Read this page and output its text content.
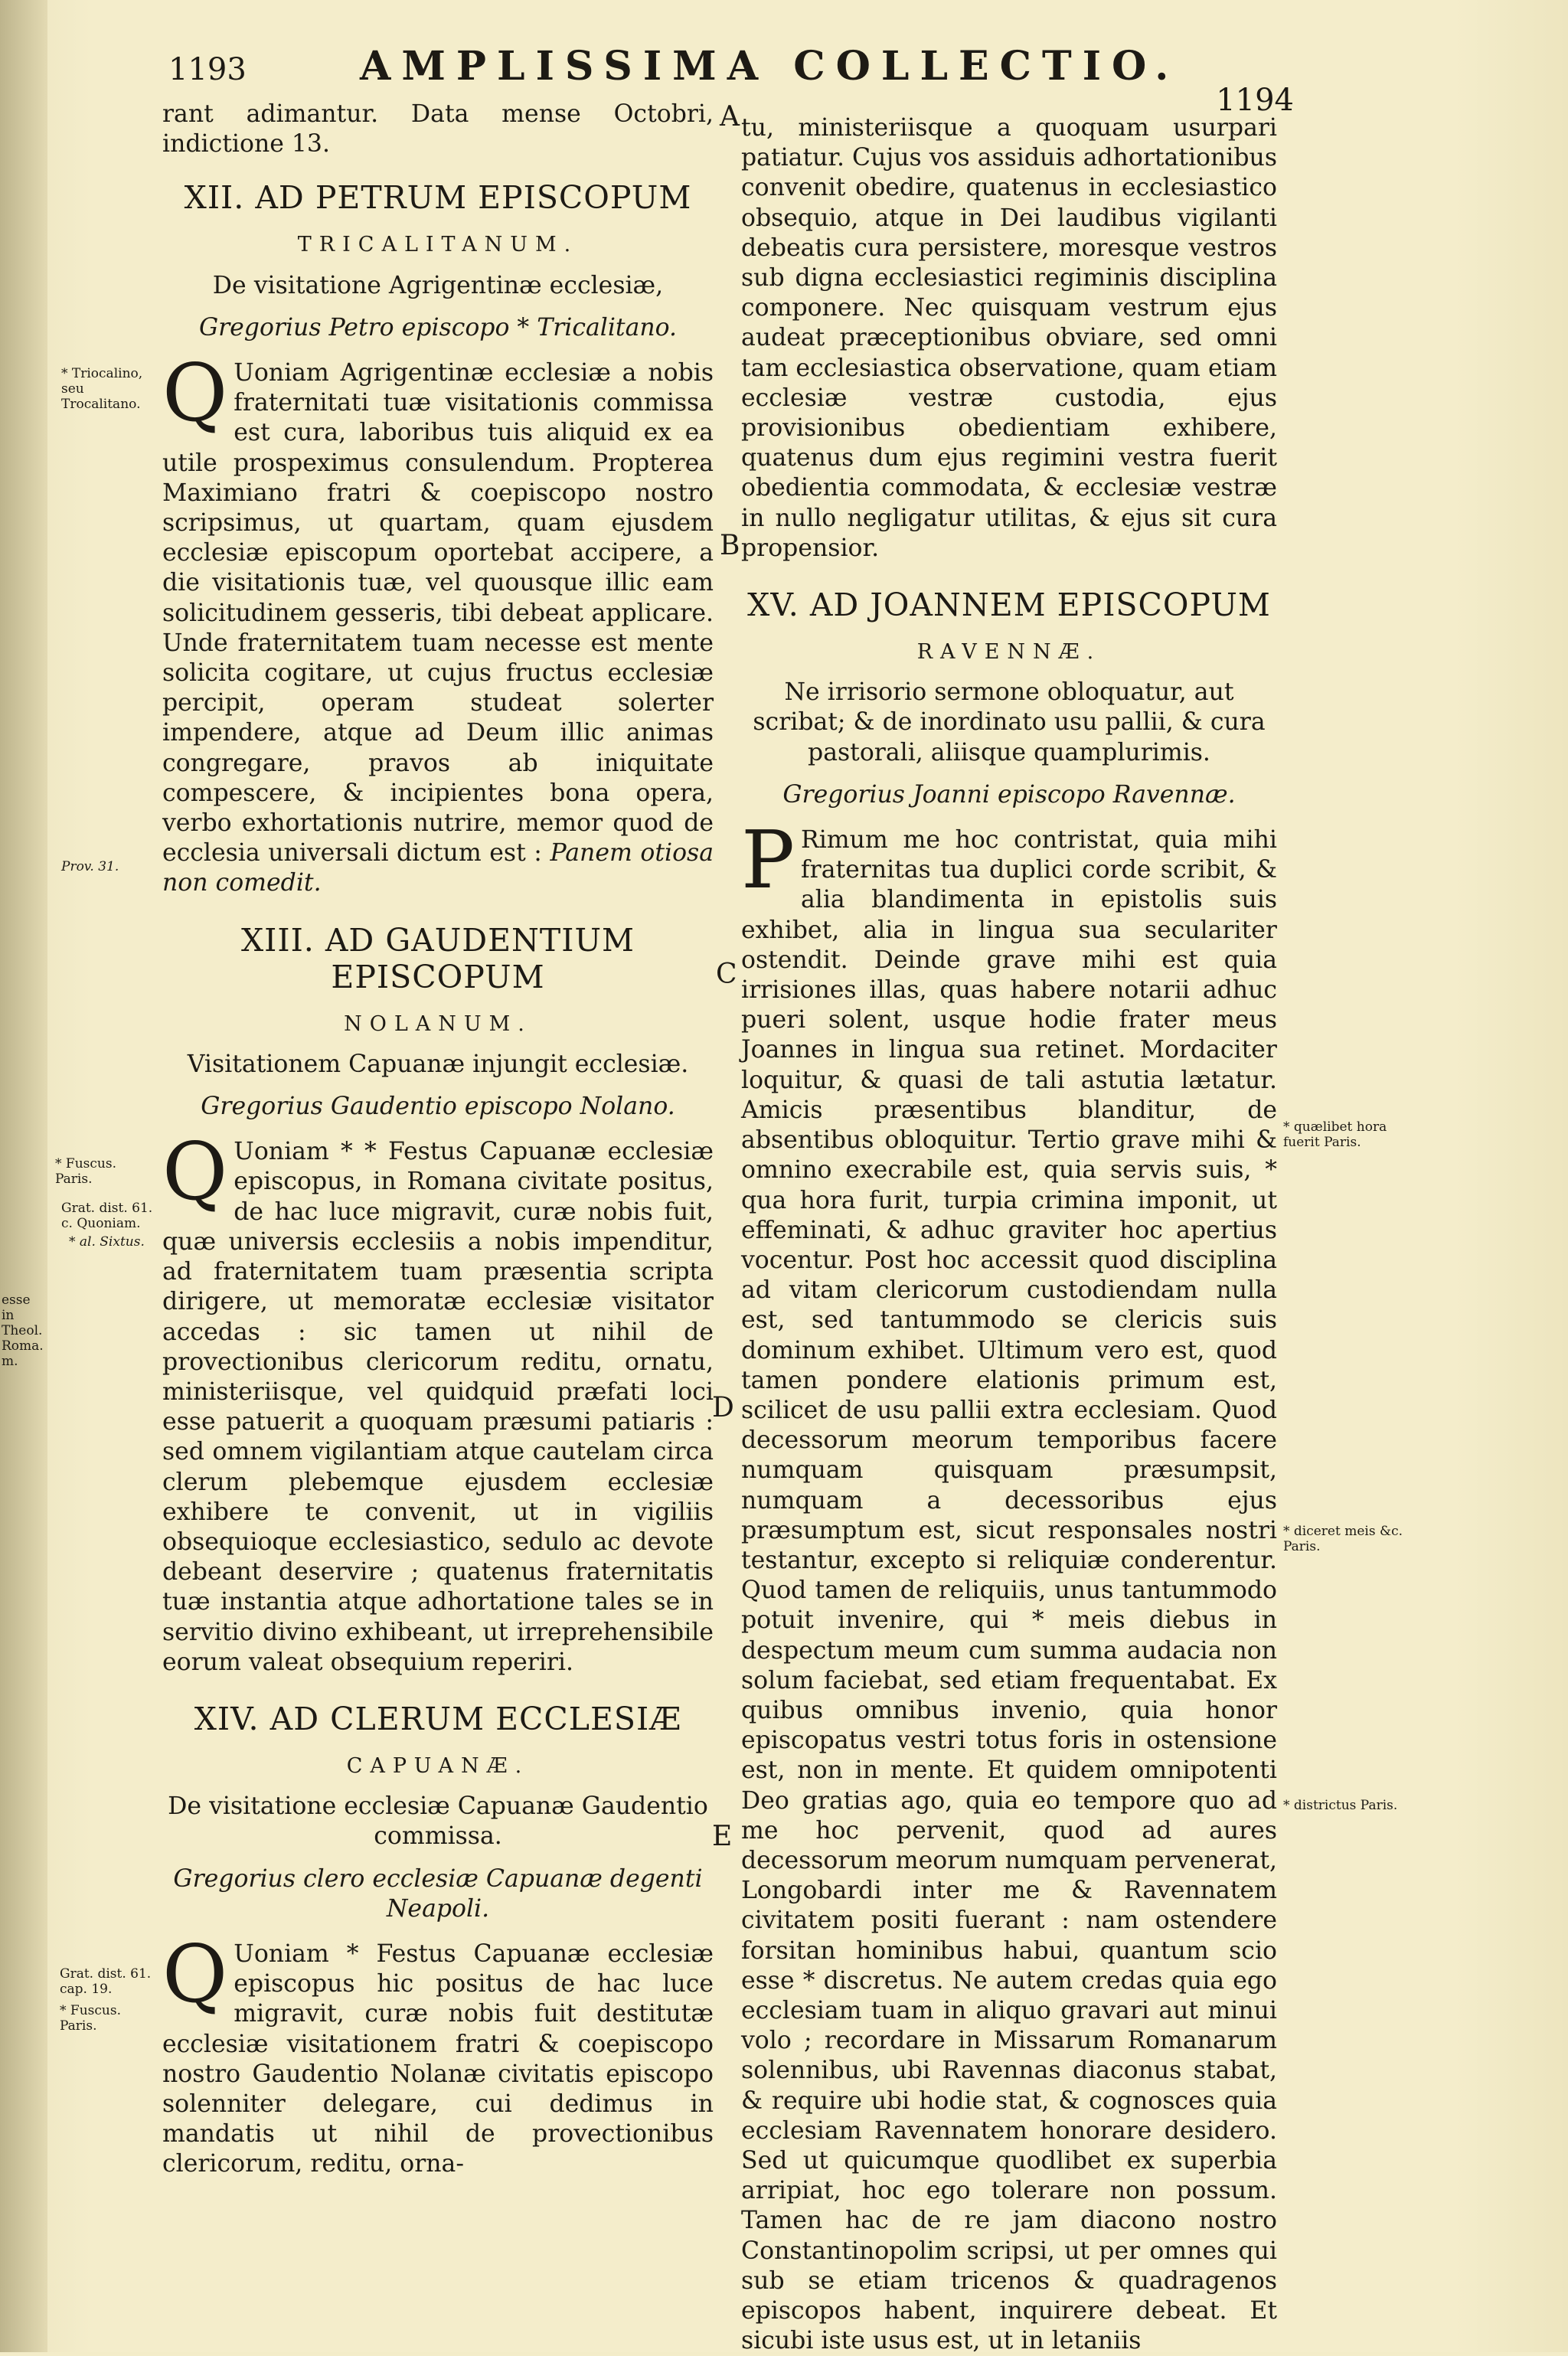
1193	AMPLISSIMA COLLECTIO.
1194

rant adimantur. Data mense Octobri, indictione 13.

XII. AD PETRUM EPISCOPUM
TRICALITANUM.
De visitatione Agrigentinæ ecclesiæ,
Gregorius Petro episcopo * Tricalitano.

Q Uoniam Agrigentinæ ecclesiæ a nobis fraternitati tuæ visitationis commissa est cura, laboribus tuis aliquid ex ea utile prospeximus consulendum. Propterea Maximiano fratri & coepiscopo nostro scripsimus, ut quartam, quam ejusdem ecclesiæ episcopum oportebat accipere, a die visitationis tuæ, vel quousque illic eam solicitudinem gesseris, tibi debeat applicare. Unde fraternitatem tuam necesse est mente solicita cogitare, ut cujus fructus ecclesiæ percipit, operam studeat solerter impendere, atque ad Deum illic animas congregare, pravos ab iniquitate compescere, & incipientes bona opera, verbo exhortationis nutrire, memor quod de ecclesia universali dictum est : Panem otiosa non comedit.

XIII. AD GAUDENTIUM EPISCOPUM
NOLANUM.
Visitationem Capuanæ injungit ecclesiæ.
Gregorius Gaudentio episcopo Nolano.

Q Uoniam * * Festus Capuanæ ecclesiæ episcopus, in Romana civitate positus, de hac luce migravit, curæ nobis fuit, quæ universis ecclesiis a nobis impenditur, ad fraternitatem tuam præsentia scripta dirigere, ut memoratæ ecclesiæ visitator accedas : sic tamen ut nihil de provectionibus clericorum reditu, ornatu, ministeriisque, vel quidquid præfati loci esse patuerit a quoquam præsumi patiaris : sed omnem vigilantiam atque cautelam circa clerum plebemque ejusdem ecclesiæ exhibere te convenit, ut in vigiliis obsequioque ecclesiastico, sedulo ac devote debeant deservire ; quatenus fraternitatis tuæ instantia atque adhortatione tales se in servitio divino exhibeant, ut irreprehensibile eorum valeat obsequium reperiri.

XIV. AD CLERUM ECCLESIÆ
CAPUANÆ.
De visitatione ecclesiæ Capuanæ Gaudentio commissa.
Gregorius clero ecclesiæ Capuanæ degenti Neapoli.

Q Uoniam * Festus Capuanæ ecclesiæ episcopus hic positus de hac luce migravit, curæ nobis fuit destitutæ ecclesiæ visitationem fratri & coepiscopo nostro Gaudentio Nolanæ civitatis episcopo solenniter delegare, cui dedimus in mandatis ut nihil de provectionibus clericorum, reditu, orna-

tu, ministeriisque a quoquam usurpari patiatur. Cujus vos assiduis adhortationibus convenit obedire, quatenus in ecclesiastico obsequio, atque in Dei laudibus vigilanti debeatis cura persistere, moresque vestros sub digna ecclesiastici regiminis disciplina componere. Nec quisquam vestrum ejus audeat præceptionibus obviare, sed omni tam ecclesiastica observatione, quam etiam ecclesiæ vestræ custodia, ejus provisionibus obedientiam exhibere, quatenus dum ejus regimini vestra fuerit obedientia commodata, & ecclesiæ vestræ in nullo negligatur utilitas, & ejus sit cura propensior.

XV. AD JOANNEM EPISCOPUM
RAVENNÆ.
Ne irrisorio sermone obloquatur, aut scribat; & de inordinato usu pallii, & cura pastorali, aliisque quamplurimis.
Gregorius Joanni episcopo Ravennæ.

P Rimum me hoc contristat, quia mihi fraternitas tua duplici corde scribit, & alia blandimenta in epistolis suis exhibet, alia in lingua sua seculariter ostendit. Deinde grave mihi est quia irrisiones illas, quas habere notarii adhuc pueri solent, usque hodie frater meus Joannes in lingua sua retinet. Mordaciter loquitur, & quasi de tali astutia lætatur. Amicis præsentibus blanditur, de absentibus obloquitur. Tertio grave mihi & omnino execrabile est, quia servis suis, * qua hora furit, turpia crimina imponit, ut effeminati, & adhuc graviter hoc apertius vocentur. Post hoc accessit quod disciplina ad vitam clericorum custodiendam nulla est, sed tantummodo se clericis suis dominum exhibet. Ultimum vero est, quod tamen pondere elationis primum est, scilicet de usu pallii extra ecclesiam. Quod decessorum meorum temporibus facere numquam quisquam præsumpsit, numquam a decessoribus ejus præsumptum est, sicut responsales nostri testantur, excepto si reliquiæ conderentur. Quod tamen de reliquiis, unus tantummodo potuit invenire, qui * meis diebus in despectum meum cum summa audacia non solum faciebat, sed etiam frequentabat. Ex quibus omnibus invenio, quia honor episcopatus vestri totus foris in ostensione est, non in mente. Et quidem omnipotenti Deo gratias ago, quia eo tempore quo ad me hoc pervenit, quod ad aures decessorum meorum numquam pervenerat, Longobardi inter me & Ravennatem civitatem positi fuerant : nam ostendere forsitan hominibus habui, quantum scio esse * discretus. Ne autem credas quia ego ecclesiam tuam in aliquo gravari aut minui volo ; recordare in Missarum Romanarum solennibus, ubi Ravennas diaconus stabat, & require ubi hodie stat, & cognosces quia ecclesiam Ravennatem honorare desidero. Sed ut quicumque quodlibet ex superbia arripiat, hoc ego tolerare non possum. Tamen hac de re jam diacono nostro Constantinopolim scripsi, ut per omnes qui sub se etiam tricenos & quadragenos episcopos habent, inquirere debeat. Et sicubi iste usus est, ut in letaniis

A
B
C
D
E
* Triocalino, seu Trocalitano.
Prov. 31.
* Fuscus. Paris.
Grat. dist. 61. c. Quoniam.
* al. Sixtus.
esse in Theol. Roma. m.
Grat. dist. 61. cap. 19.
* Fuscus. Paris.
* quælibet hora fuerit Paris.
* diceret meis &c. Paris.
* districtus Paris.
